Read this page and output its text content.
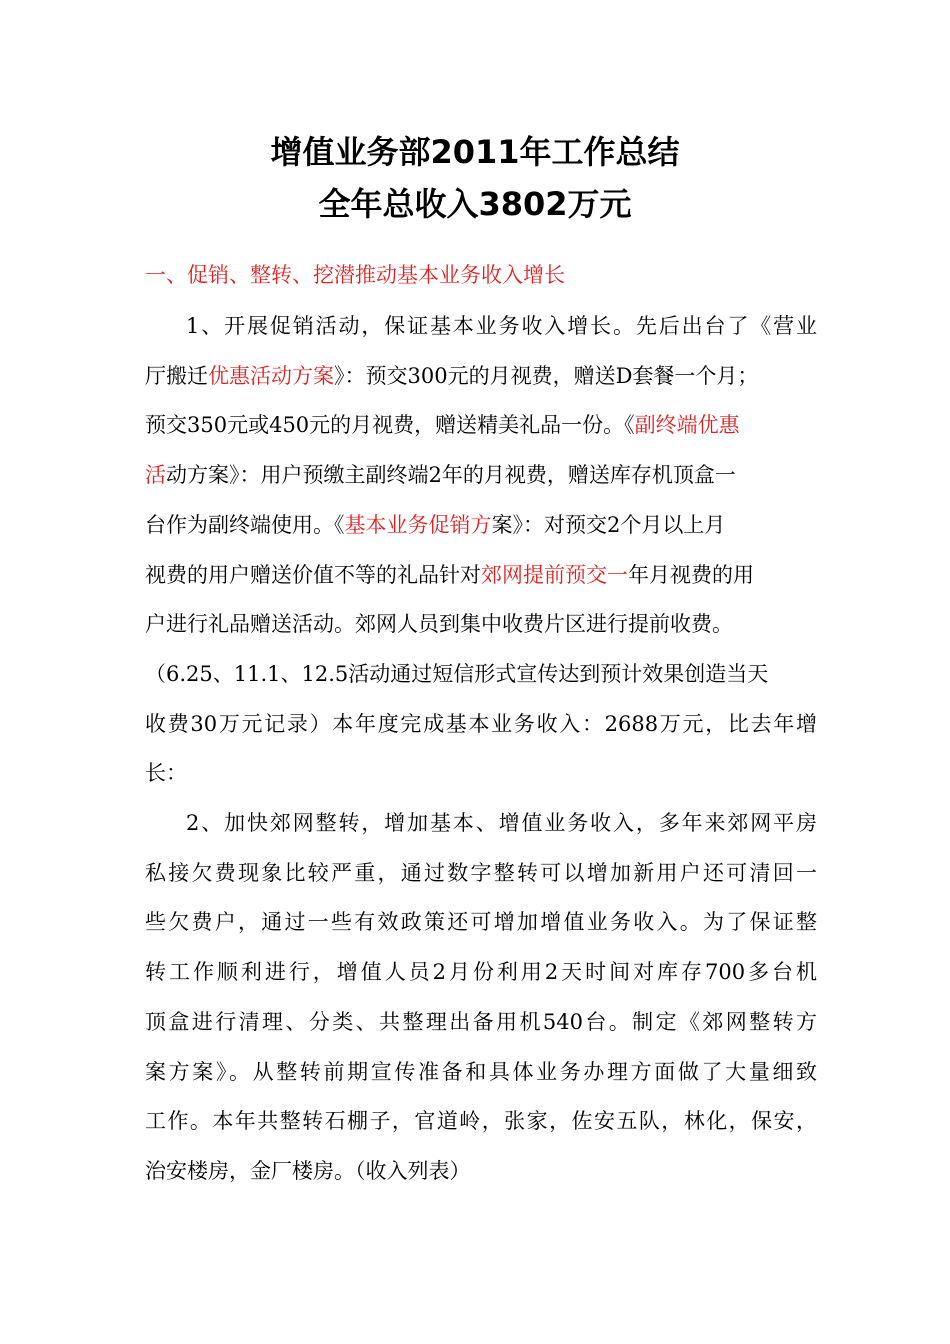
增值业务部2011年工作总结
全年总收入3802万元
一、促销、整转、挖潜推动基本业务收入增长
1、开展促销活动，保证基本业务收入增长。先后出台了《营业
厅搬迁优惠活动方案》：预交300元的月视费，赠送D套餐一个月；
预交350元或450元的月视费，赠送精美礼品一份。《副终端优惠
活动方案》：用户预缴主副终端2年的月视费，赠送库存机顶盒一
台作为副终端使用。《基本业务促销方案》：对预交2个月以上月
视费的用户赠送价值不等的礼品针对郊网提前预交一年月视费的用
户进行礼品赠送活动。郊网人员到集中收费片区进行提前收费。
（6.25、11.1、12.5活动通过短信形式宣传达到预计效果创造当天
收费30万元记录）本年度完成基本业务收入：2688万元，比去年增
长：
2、加快郊网整转，增加基本、增值业务收入，多年来郊网平房
私接欠费现象比较严重，通过数字整转可以增加新用户还可清回一
些欠费户，通过一些有效政策还可增加增值业务收入。为了保证整
转工作顺利进行，增值人员2月份利用2天时间对库存700多台机
顶盒进行清理、分类、共整理出备用机540台。制定《郊网整转方
案方案》。从整转前期宣传准备和具体业务办理方面做了大量细致
工作。本年共整转石棚子，官道岭，张家，佐安五队，林化，保安，
治安楼房，金厂楼房。（收入列表）
